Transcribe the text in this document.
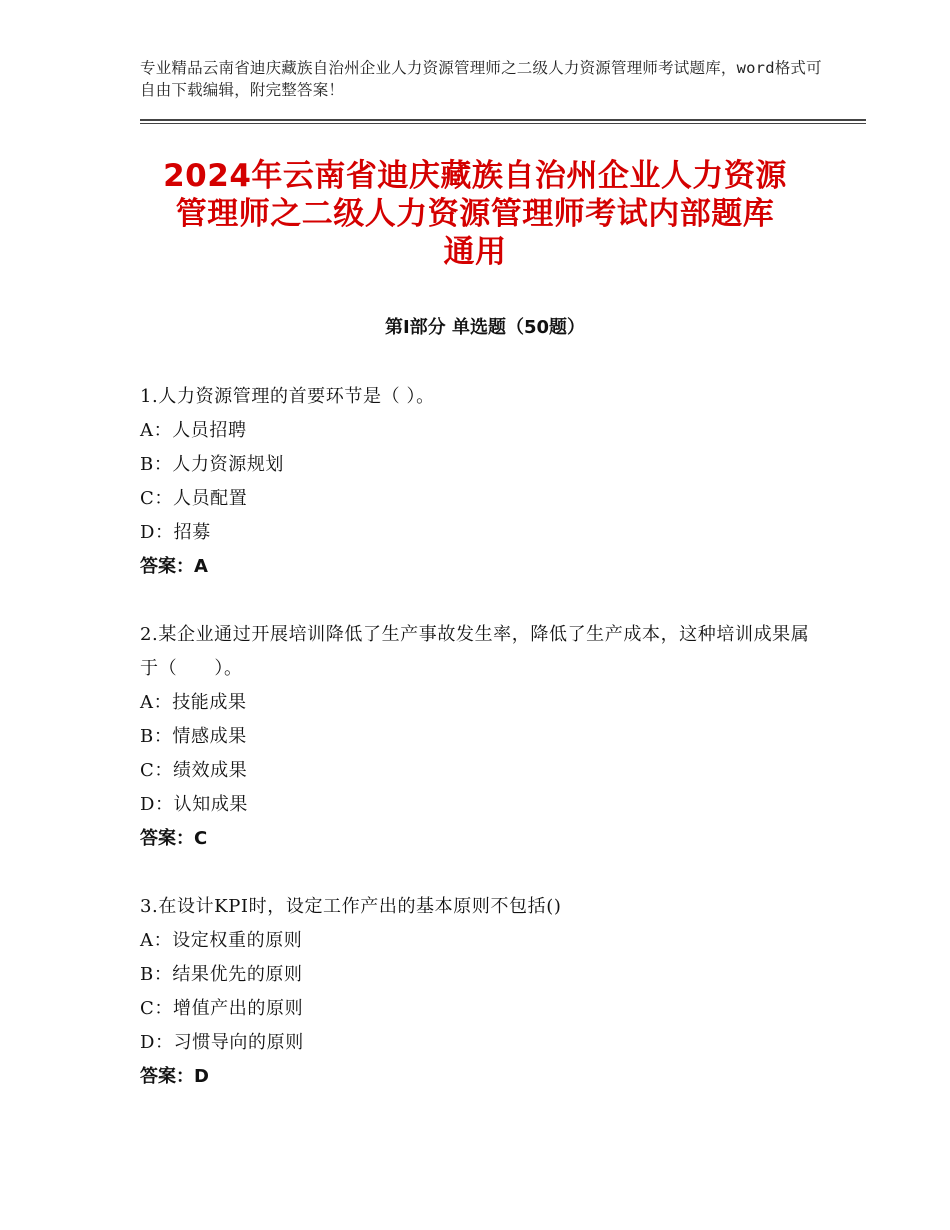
专业精品云南省迪庆藏族自治州企业人力资源管理师之二级人力资源管理师考试题库，word格式可自由下载编辑，附完整答案！
2024年云南省迪庆藏族自治州企业人力资源
管理师之二级人力资源管理师考试内部题库
通用
第Ⅰ部分 单选题（50题）
1.人力资源管理的首要环节是（ ）。
A：人员招聘
B：人力资源规划
C：人员配置
D：招募
答案：A
2.某企业通过开展培训降低了生产事故发生率，降低了生产成本，这种培训成果属于（　　）。
A：技能成果
B：情感成果
C：绩效成果
D：认知成果
答案：C
3.在设计KPI时，设定工作产出的基本原则不包括()
A：设定权重的原则
B：结果优先的原则
C：增值产出的原则
D：习惯导向的原则
答案：D
